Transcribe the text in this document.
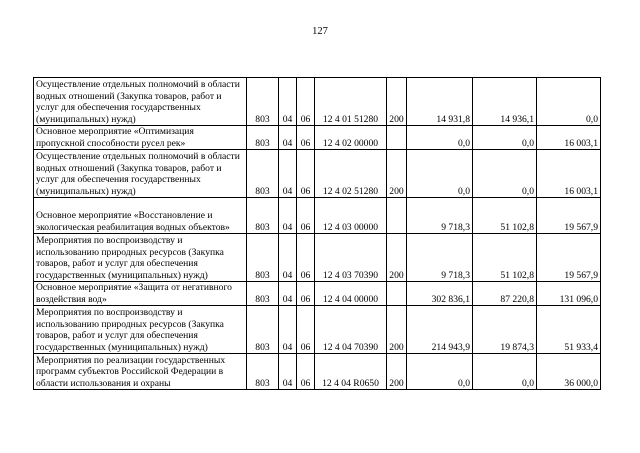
127
Осуществление отдельных полномочий в области водных отношений (Закупка товаров, работ и услуг для обеспечения государственных (муниципальных) нужд)	803	04	06	12 4 01 51280	200	14 931,8	14 936,1	0,0
Основное мероприятие «Оптимизация пропускной способности русел рек»	803	04	06	12 4 02 00000		0,0	0,0	16 003,1
Осуществление отдельных полномочий в области водных отношений (Закупка товаров, работ и услуг для обеспечения государственных (муниципальных) нужд)	803	04	06	12 4 02 51280	200	0,0	0,0	16 003,1
Основное мероприятие «Восстановление и экологическая реабилитация водных объектов»	803	04	06	12 4 03 00000		9 718,3	51 102,8	19 567,9
Мероприятия по воспроизводству и использованию природных ресурсов (Закупка товаров, работ и услуг для обеспечения государственных (муниципальных) нужд)	803	04	06	12 4 03 70390	200	9 718,3	51 102,8	19 567,9
Основное мероприятие «Защита от негативного воздействия вод»	803	04	06	12 4 04 00000		302 836,1	87 220,8	131 096,0
Мероприятия по воспроизводству и использованию природных ресурсов (Закупка товаров, работ и услуг для обеспечения государственных (муниципальных) нужд)	803	04	06	12 4 04 70390	200	214 943,9	19 874,3	51 933,4
Мероприятия по реализации государственных программ субъектов Российской Федерации в области использования и охраны	803	04	06	12 4 04 R0650	200	0,0	0,0	36 000,0
